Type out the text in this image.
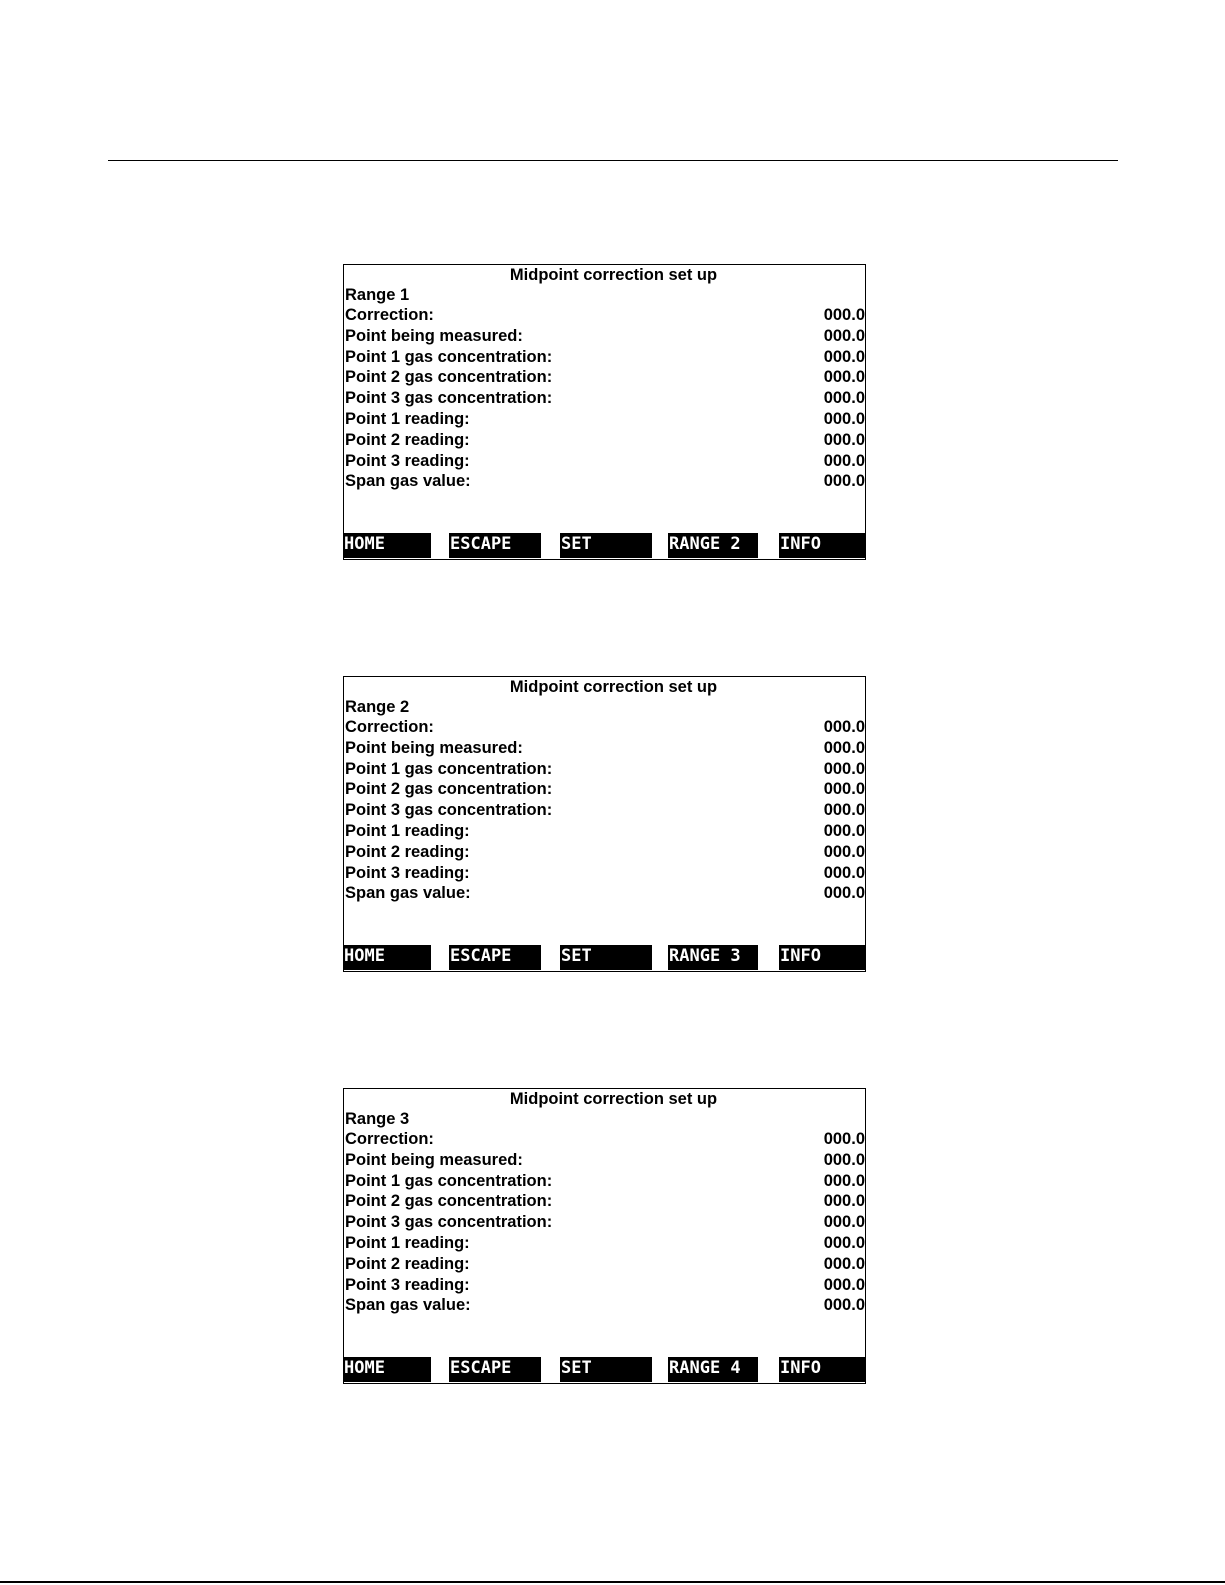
Midpoint correction set up
Range 1
Correction:	000.0
Point being measured:	000.0
Point 1 gas concentration:	000.0
Point 2 gas concentration:	000.0
Point 3 gas concentration:	000.0
Point 1 reading:	000.0
Point 2 reading:	000.0
Point 3 reading:	000.0
Span gas value:	000.0
HOME	ESCAPE	SET	RANGE 2	INFO
Midpoint correction set up
Range 2
Correction:	000.0
Point being measured:	000.0
Point 1 gas concentration:	000.0
Point 2 gas concentration:	000.0
Point 3 gas concentration:	000.0
Point 1 reading:	000.0
Point 2 reading:	000.0
Point 3 reading:	000.0
Span gas value:	000.0
HOME	ESCAPE	SET	RANGE 3	INFO
Midpoint correction set up
Range 3
Correction:	000.0
Point being measured:	000.0
Point 1 gas concentration:	000.0
Point 2 gas concentration:	000.0
Point 3 gas concentration:	000.0
Point 1 reading:	000.0
Point 2 reading:	000.0
Point 3 reading:	000.0
Span gas value:	000.0
HOME	ESCAPE	SET	RANGE 4	INFO
